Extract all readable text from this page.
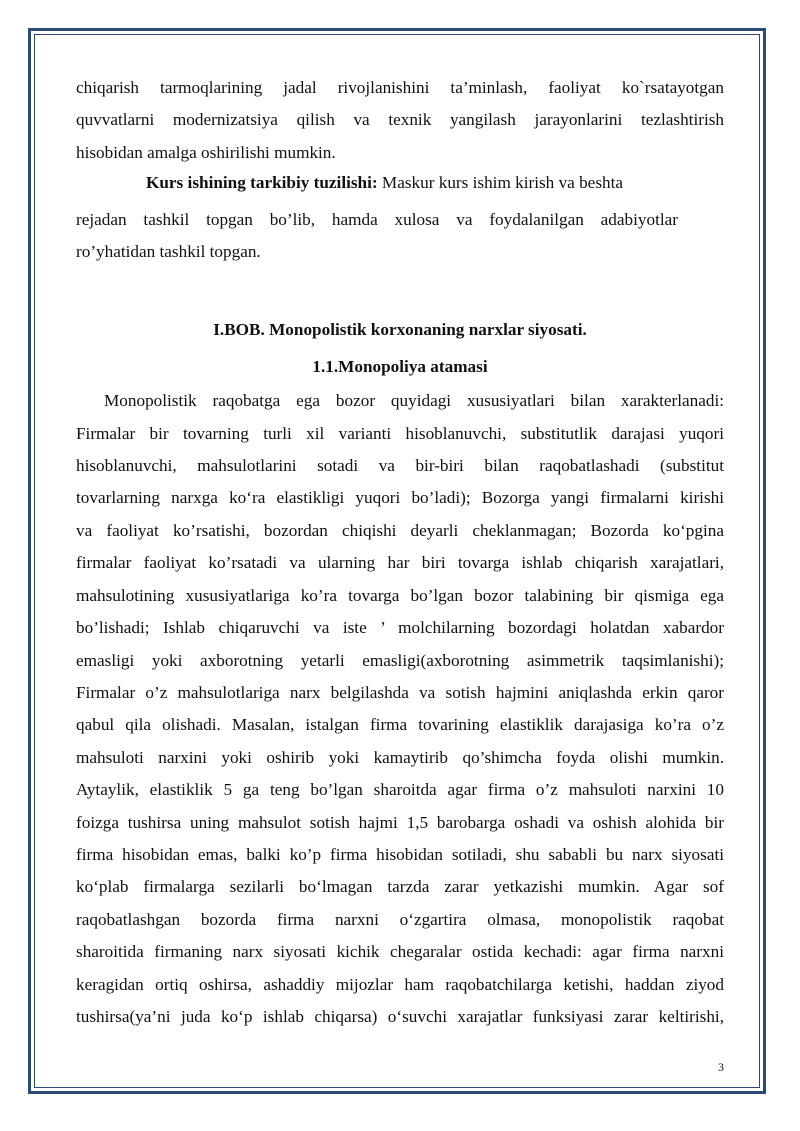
chiqarish tarmoqlarining jadal rivojlanishini ta’minlash, faoliyat ko`rsatayotgan

quvvatlarni modernizatsiya qilish va texnik yangilash jarayonlarini tezlashtirish

hisobidan amalga oshirilishi mumkin.

Kurs ishining tarkibiy tuzilishi: Maskur kurs ishim kirish va beshta

rejadan tashkil topgan bo’lib, hamda xulosa va foydalanilgan adabiyotlar

ro’yhatidan tashkil topgan.

I.BOB. Monopolistik korxonaning narxlar siyosati.

1.1.Monopoliya atamasi

Monopolistik raqobatga ega bozor quyidagi xususiyatlari bilan xarakterlanadi:

Firmalar bir tovarning turli xil varianti hisoblanuvchi, substitutlik darajasi yuqori

hisoblanuvchi, mahsulotlarini sotadi va bir-biri bilan raqobatlashadi (substitut

tovarlarning narxga ko‘ra elastikligi yuqori bo’ladi); Bozorga yangi firmalarni kirishi

va faoliyat ko’rsatishi, bozordan chiqishi deyarli cheklanmagan; Bozorda ko‘pgina

firmalar faoliyat ko’rsatadi va ularning har biri tovarga ishlab chiqarish xarajatlari,

mahsulotining xususiyatlariga ko’ra tovarga bo’lgan bozor talabining bir qismiga ega

bo’lishadi; Ishlab chiqaruvchi va iste ’ molchilarning bozordagi holatdan xabardor

emasligi yoki axborotning yetarli emasligi(axborotning asimmetrik taqsimlanishi);

Firmalar o’z mahsulotlariga narx belgilashda va sotish hajmini aniqlashda erkin qaror

qabul qila olishadi. Masalan, istalgan firma tovarining elastiklik darajasiga ko’ra o’z

mahsuloti narxini yoki oshirib yoki kamaytirib qo’shimcha foyda olishi mumkin.

Aytaylik, elastiklik 5 ga teng bo’lgan sharoitda agar firma o’z mahsuloti narxini 10

foizga tushirsa uning mahsulot sotish hajmi 1,5 barobarga oshadi va oshish alohida bir

firma hisobidan emas, balki ko’p firma hisobidan sotiladi, shu sababli bu narx siyosati

ko‘plab firmalarga sezilarli bo‘lmagan tarzda zarar yetkazishi mumkin. Agar sof

raqobatlashgan bozorda firma narxni o‘zgartira olmasa, monopolistik raqobat

sharoitida firmaning narx siyosati kichik chegaralar ostida kechadi: agar firma narxni

keragidan ortiq oshirsa, ashaddiy mijozlar ham raqobatchilarga ketishi, haddan ziyod

tushirsa(ya’ni juda ko‘p ishlab chiqarsa) o‘suvchi xarajatlar funksiyasi zarar keltirishi,

3
